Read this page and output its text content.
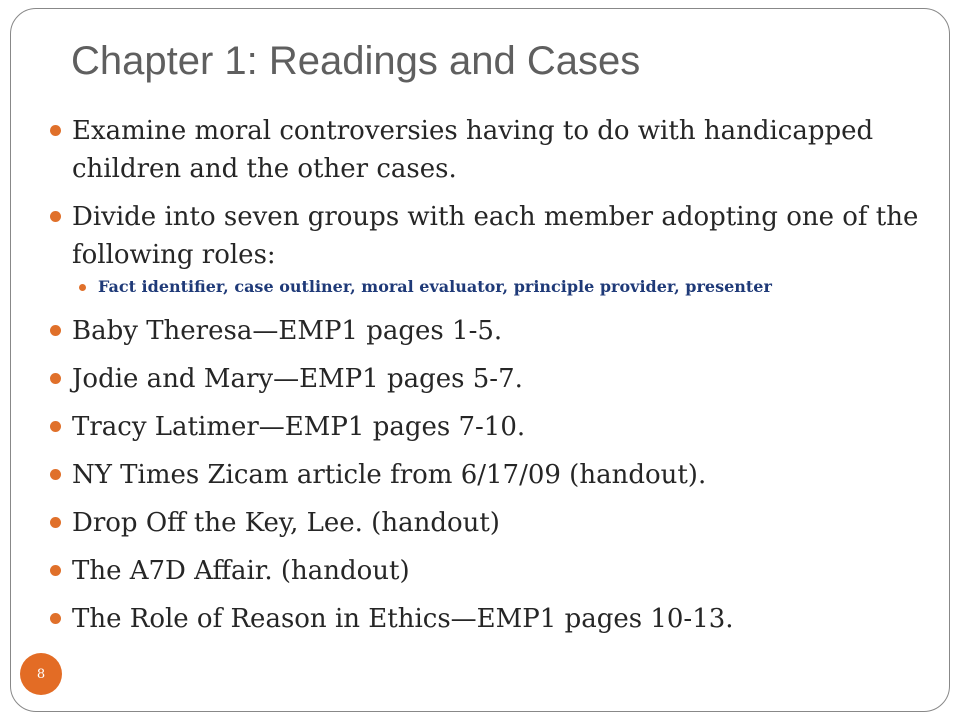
Chapter 1: Readings and Cases
Examine moral controversies having to do with handicapped children and the other cases.
Divide into seven groups with each member adopting one of the following roles:
Fact identifier, case outliner, moral evaluator, principle provider, presenter
Baby Theresa—EMP1 pages 1-5.
Jodie and Mary—EMP1 pages 5-7.
Tracy Latimer—EMP1 pages 7-10.
NY Times Zicam article from 6/17/09 (handout).
Drop Off the Key, Lee. (handout)
The A7D Affair. (handout)
The Role of Reason in Ethics—EMP1 pages 10-13.
8
